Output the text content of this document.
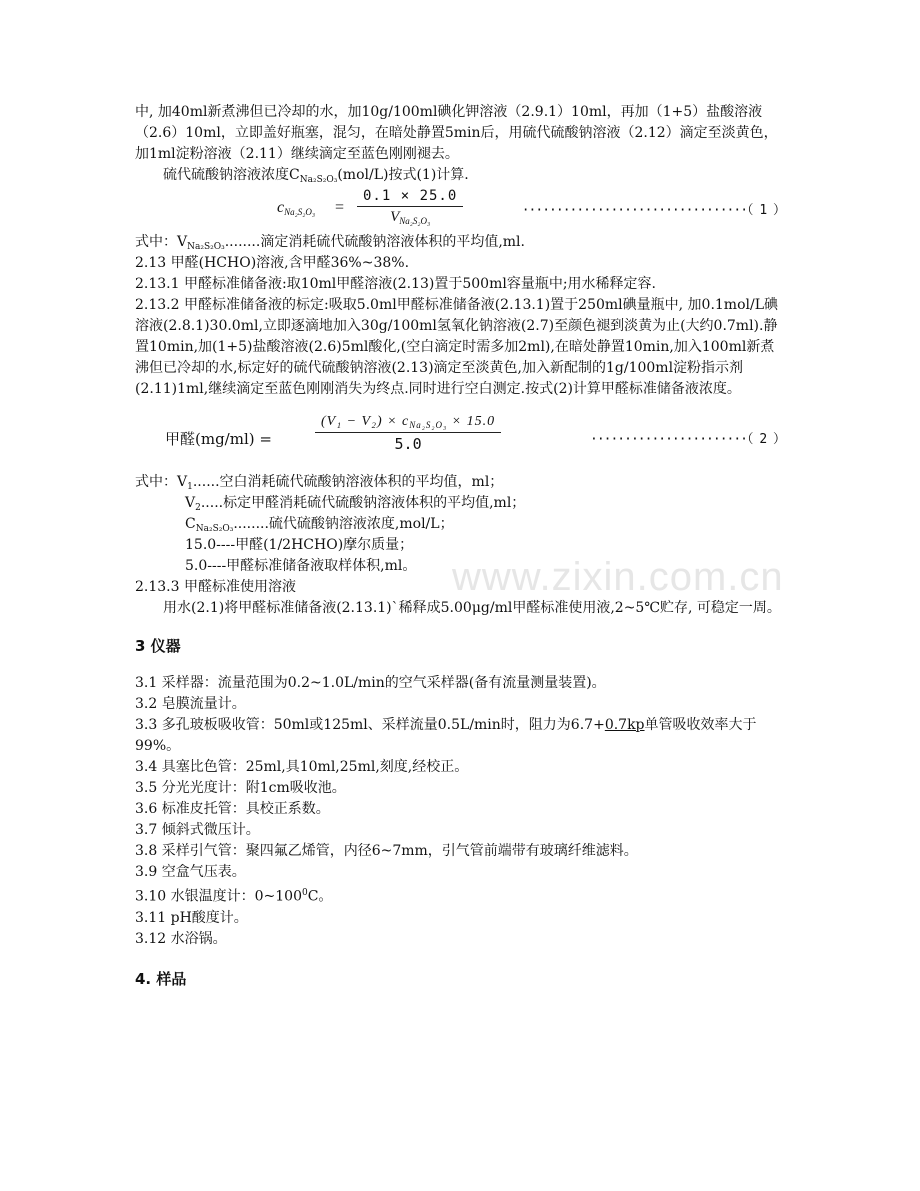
www.zixin.com.cn

中, 加40ml新煮沸但已冷却的水，加10g/100ml碘化钾溶液（2.9.1）10ml，再加（1+5）盐酸溶液（2.6）10ml，立即盖好瓶塞，混匀，在暗处静置5min后，用硫代硫酸钠溶液（2.12）滴定至淡黄色，加1ml淀粉溶液（2.11）继续滴定至蓝色刚刚褪去。

硫代硫酸钠溶液浓度$C_{Na_2S_2O_3}(mol/L)$按式(1)计算.

$c_{Na_2S_2O_3}$ =
0.1 × 25.0
$V_{Na_2S_2O_3}$
·································（ 1 ）

式中：$V_{Na_2S_2O_3}$........滴定消耗硫代硫酸钠溶液体积的平均值,ml.

2.13 甲醛(HCHO)溶液,含甲醛36%~38%.

2.13.1 甲醛标准储备液:取10ml甲醛溶液(2.13)置于500ml容量瓶中;用水稀释定容.

2.13.2 甲醛标准储备液的标定:吸取5.0ml甲醛标准储备液(2.13.1)置于250ml碘量瓶中, 加0.1mol/L碘溶液(2.8.1)30.0ml,立即逐滴地加入30g/100ml氢氧化钠溶液(2.7)至颜色褪到淡黄为止(大约0.7ml).静置10min,加(1+5)盐酸溶液(2.6)5ml酸化,(空白滴定时需多加2ml),在暗处静置10min,加入100ml新煮沸但已冷却的水,标定好的硫代硫酸钠溶液(2.13)滴定至淡黄色,加入新配制的1g/100ml淀粉指示剂(2.11)1ml,继续滴定至蓝色刚刚消失为终点.同时进行空白测定.按式(2)计算甲醛标准储备液浓度。

甲醛(mg/ml) =
$(V_1 - V_2) \times c_{Na_2S_2O_3} \times 15.0$
5.0	·······················（ 2 ）

式中：$V_1$......空白消耗硫代硫酸钠溶液体积的平均值，ml；

$V_2$.....标定甲醛消耗硫代硫酸钠溶液体积的平均值,ml；

$C_{Na_2S_2O_3}$........硫代硫酸钠溶液浓度,mol/L；

15.0----甲醛(1/2HCHO)摩尔质量；

5.0----甲醛标准储备液取样体积,ml。

2.13.3 甲醛标准使用溶液

用水(2.1)将甲醛标准储备液(2.13.1)`稀释成5.00μg/ml甲醛标准使用液,2~5℃贮存, 可稳定一周。

3 仪器

3.1 采样器：流量范围为0.2~1.0L/min的空气采样器(备有流量测量装置)。

3.2 皂膜流量计。

3.3 多孔玻板吸收管：50ml或125ml、采样流量0.5L/min时，阻力为6.7+0.7kp单管吸收效率大于99%。

3.4 具塞比色管：25ml,具10ml,25ml,刻度,经校正。

3.5 分光光度计：附1cm吸收池。

3.6 标准皮托管：具校正系数。

3.7 倾斜式微压计。

3.8 采样引气管：聚四氟乙烯管，内径6~7mm，引气管前端带有玻璃纤维滤料。

3.9 空盒气压表。

3.10 水银温度计：$0\sim 100^0C$。

3.11 pH酸度计。

3.12 水浴锅。

4. 样品
